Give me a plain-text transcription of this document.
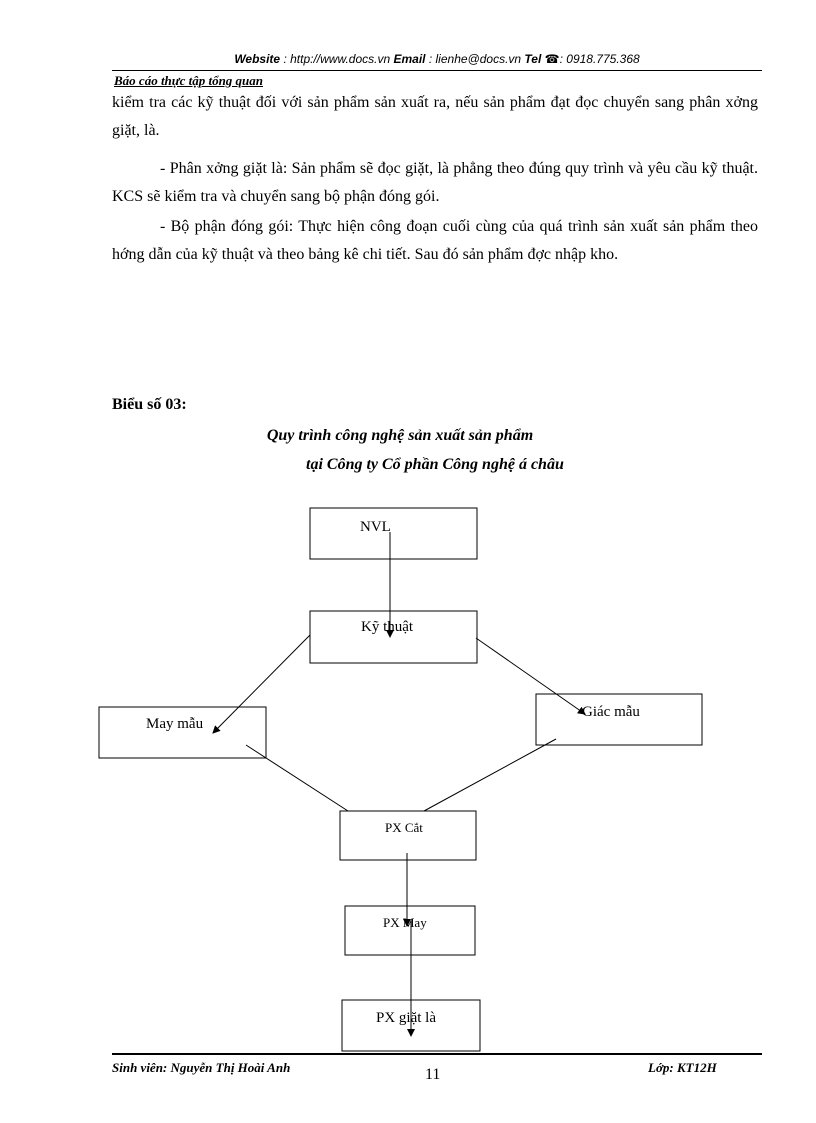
Website : http://www.docs.vn Email : lienhe@docs.vn Tel ☎: 0918.775.368
Báo cáo thực tập tổng quan

kiểm tra các kỹ thuật đối với sản phẩm sản xuất ra, nếu sản phẩm đạt đọc chuyển sang phân xởng giặt, là.

- Phân xởng giặt là: Sản phẩm sẽ đọc giặt, là phẳng theo đúng quy trình và yêu cầu kỹ thuật. KCS sẽ kiểm tra và chuyển sang bộ phận đóng gói.

- Bộ phận đóng gói: Thực hiện công đoạn cuối cùng của quá trình sản xuất sản phẩm theo hớng dẫn của kỹ thuật và theo bảng kê chi tiết. Sau đó sản phẩm đợc nhập kho.

Biểu số 03:
Quy trình công nghệ sản xuất sản phẩm
tại Công ty Cổ phần Công nghệ á châu
NVL
Kỹ thuật
May mẫu
Giác mẫu
PX Cắt
PX May
PX giặt là
Sinh viên: Nguyễn Thị Hoài Anh	11	Lớp: KT12H
